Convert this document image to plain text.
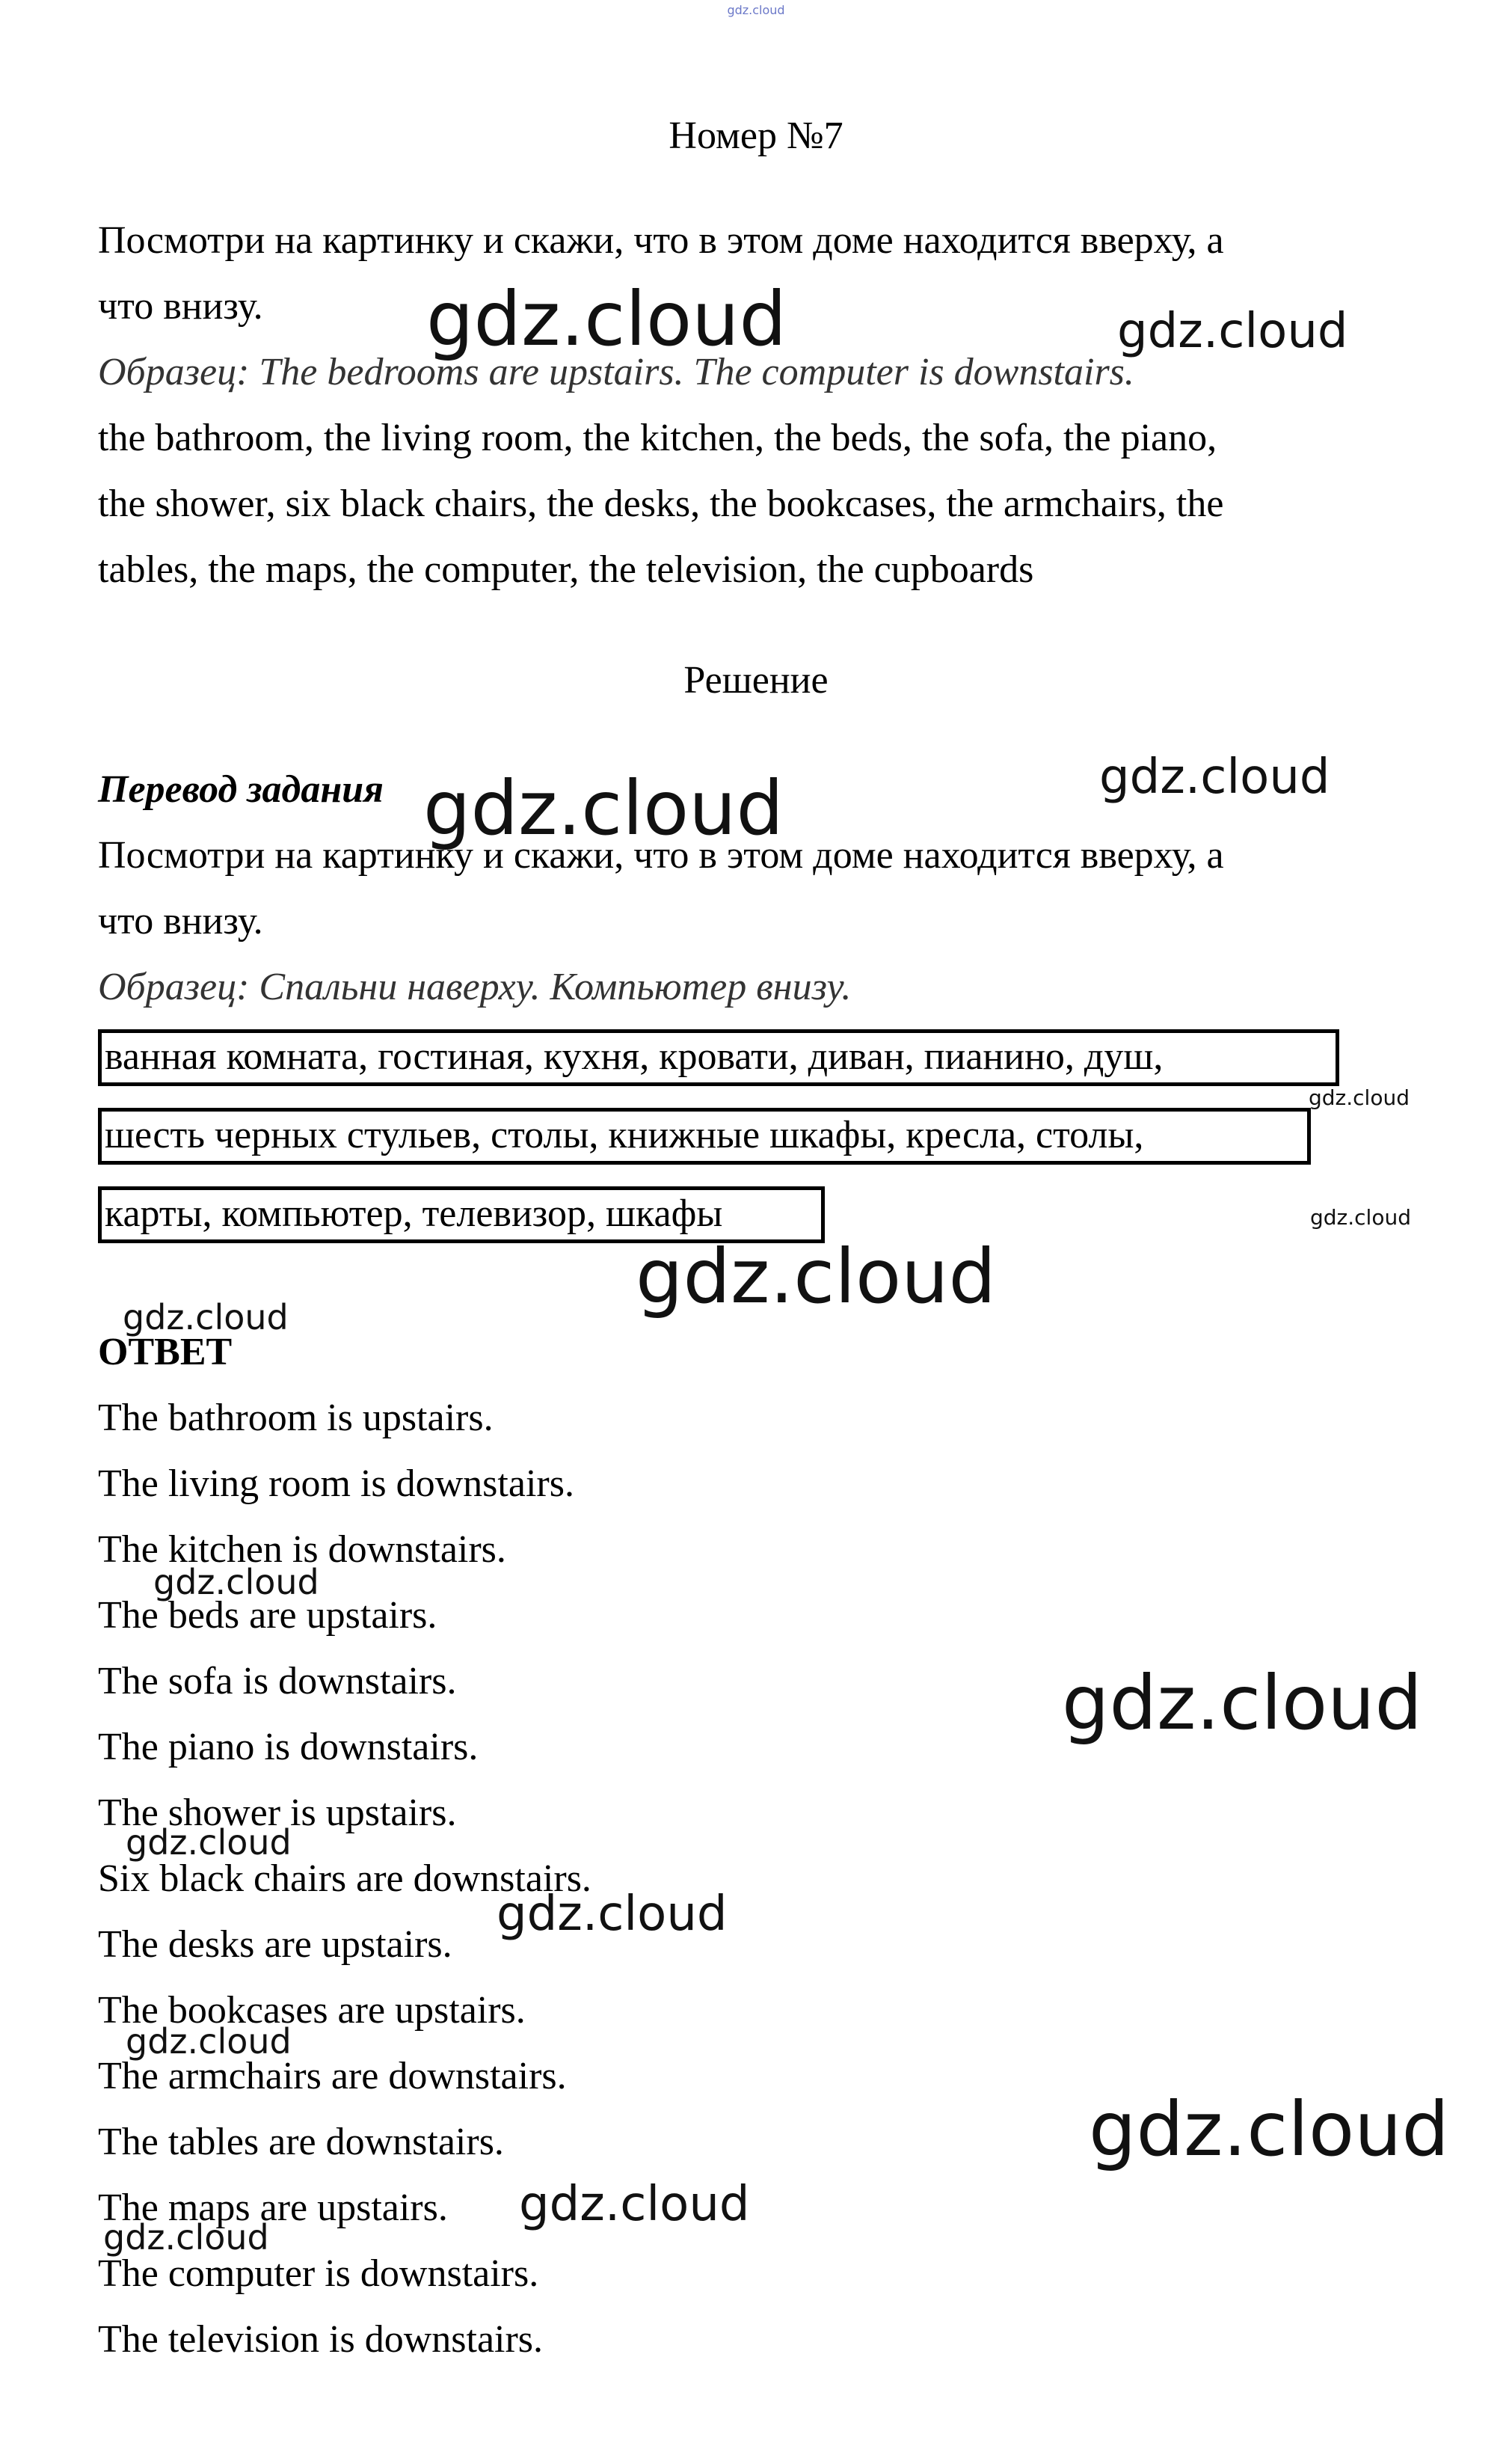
gdz.cloud
Номер №7
Посмотри на картинку и скажи, что в этом доме находится вверху, а
что внизу.
Образец: The bedrooms are upstairs. The computer is downstairs.
the bathroom, the living room, the kitchen, the beds, the sofa, the piano,
the shower, six black chairs, the desks, the bookcases, the armchairs, the
tables, the maps, the computer, the television, the cupboards
Решение
Перевод задания
Посмотри на картинку и скажи, что в этом доме находится вверху, а
что внизу.
Образец: Спальни наверху. Компьютер внизу.
ванная комната, гостиная, кухня, кровати, диван, пианино, душ,
шесть черных стульев, столы, книжные шкафы, кресла, столы,
карты, компьютер, телевизор, шкафы
ОТВЕТ
The bathroom is upstairs.
The living room is downstairs.
The kitchen is downstairs.
The beds are upstairs.
The sofa is downstairs.
The piano is downstairs.
The shower is upstairs.
Six black chairs are downstairs.
The desks are upstairs.
The bookcases are upstairs.
The armchairs are downstairs.
The tables are downstairs.
The maps are upstairs.
The computer is downstairs.
The television is downstairs.
gdz.cloud	gdz.cloud
gdz.cloud
gdz.cloud
gdz.cloud
gdz.cloud
gdz.cloud
gdz.cloud
gdz.cloud
gdz.cloud
gdz.cloud
gdz.cloud
gdz.cloud
gdz.cloud
gdz.cloud
gdz.cloud
